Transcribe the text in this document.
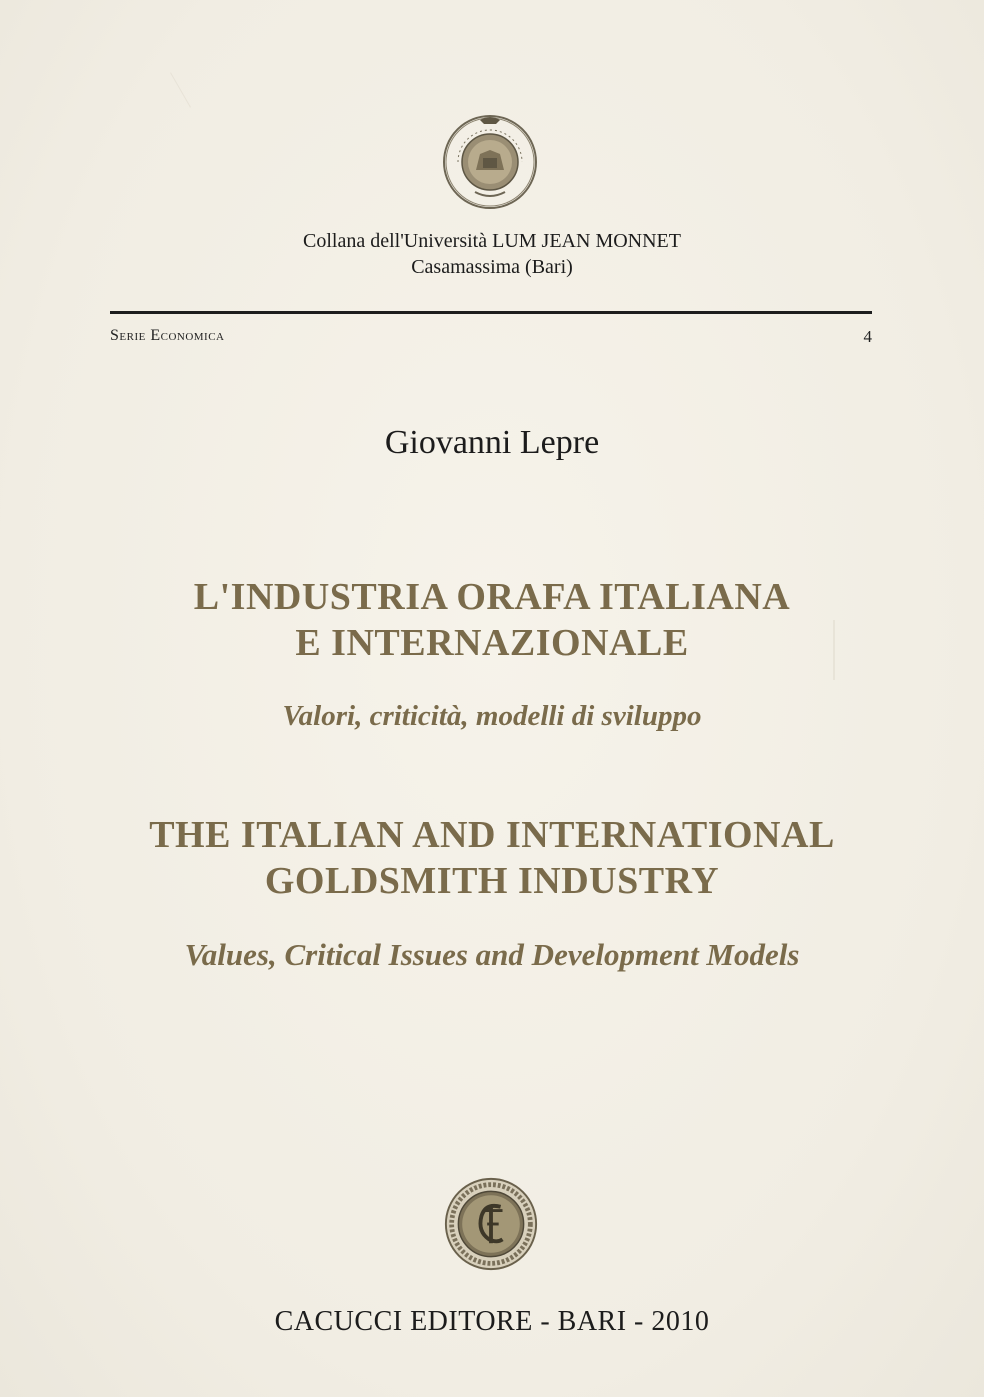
Collana dell'Università LUM JEAN MONNET
Casamassima (Bari)
Serie Economica	4
Giovanni Lepre
L'INDUSTRIA ORAFA ITALIANA
E INTERNAZIONALE
Valori, criticità, modelli di sviluppo
THE ITALIAN AND INTERNATIONAL
GOLDSMITH INDUSTRY
Values, Critical Issues and Development Models
CACUCCI EDITORE - BARI - 2010
